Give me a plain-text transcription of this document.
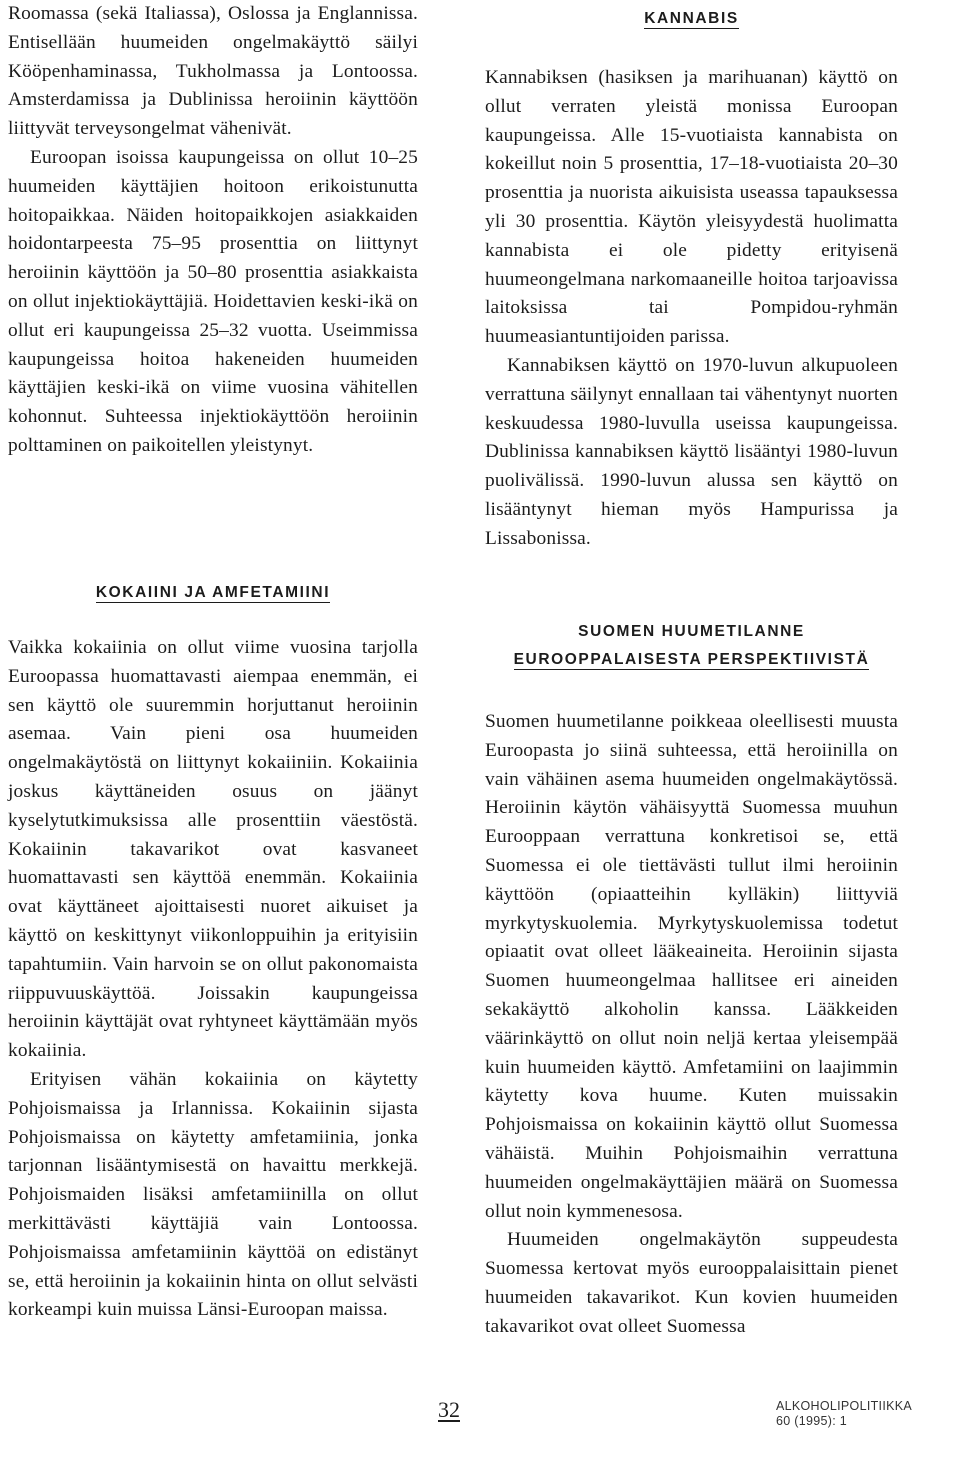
Roomassa (sekä Italiassa), Oslossa ja Englannissa. Entisellään huumeiden ongelmakäyttö säilyi Kööpenhaminassa, Tukholmassa ja Lontoossa. Amsterdamissa ja Dublinissa heroiinin käyttöön liittyvät terveysongelmat vähenivät.

Euroopan isoissa kaupungeissa on ollut 10–25 huumeiden käyttäjien hoitoon erikoistunutta hoitopaikkaa. Näiden hoitopaikkojen asiakkaiden hoidontarpeesta 75–95 prosenttia on liittynyt heroiinin käyttöön ja 50–80 prosenttia asiakkaista on ollut injektiokäyttäjiä. Hoidettavien keski-ikä on ollut eri kaupungeissa 25–32 vuotta. Useimmissa kaupungeissa hoitoa hakeneiden huumeiden käyttäjien keski-ikä on viime vuosina vähitellen kohonnut. Suhteessa injektiokäyttöön heroiinin polttaminen on paikoitellen yleistynyt.

KANNABIS

Kannabiksen (hasiksen ja marihuanan) käyttö on ollut verraten yleistä monissa Euroopan kaupungeissa. Alle 15-vuotiaista kannabista on kokeillut noin 5 prosenttia, 17–18-vuotiaista 20–30 prosenttia ja nuorista aikuisista useassa tapauksessa yli 30 prosenttia. Käytön yleisyydestä huolimatta kannabista ei ole pidetty erityisenä huumeongelmana narkomaaneille hoitoa tarjoavissa laitoksissa tai Pompidou-ryhmän huumeasiantuntijoiden parissa.

Kannabiksen käyttö on 1970-luvun alkupuoleen verrattuna säilynyt ennallaan tai vähentynyt nuorten keskuudessa 1980-luvulla useissa kaupungeissa. Dublinissa kannabiksen käyttö lisääntyi 1980-luvun puolivälissä. 1990-luvun alussa sen käyttö on lisääntynyt hieman myös Hampurissa ja Lissabonissa.

KOKAIINI JA AMFETAMIINI

Vaikka kokaiinia on ollut viime vuosina tarjolla Euroopassa huomattavasti aiempaa enemmän, ei sen käyttö ole suuremmin horjuttanut heroiinin asemaa. Vain pieni osa huumeiden ongelmakäytöstä on liittynyt kokaiiniin. Kokaiinia joskus käyttäneiden osuus on jäänyt kyselytutkimuksissa alle prosenttiin väestöstä. Kokaiinin takavarikot ovat kasvaneet huomattavasti sen käyttöä enemmän. Kokaiinia ovat käyttäneet ajoittaisesti nuoret aikuiset ja käyttö on keskittynyt viikonloppuihin ja erityisiin tapahtumiin. Vain harvoin se on ollut pakonomaista riippuvuuskäyttöä. Joissakin kaupungeissa heroiinin käyttäjät ovat ryhtyneet käyttämään myös kokaiinia.

Erityisen vähän kokaiinia on käytetty Pohjoismaissa ja Irlannissa. Kokaiinin sijasta Pohjoismaissa on käytetty amfetamiinia, jonka tarjonnan lisääntymisestä on havaittu merkkejä. Pohjoismaiden lisäksi amfetamiinilla on ollut merkittävästi käyttäjiä vain Lontoossa. Pohjoismaissa amfetamiinin käyttöä on edistänyt se, että heroiinin ja kokaiinin hinta on ollut selvästi korkeampi kuin muissa Länsi-Euroopan maissa.

SUOMEN HUUMETILANNE
EUROOPPALAISESTA PERSPEKTIIVISTÄ

Suomen huumetilanne poikkeaa oleellisesti muusta Euroopasta jo siinä suhteessa, että heroiinilla on vain vähäinen asema huumeiden ongelmakäytössä. Heroiinin käytön vähäisyyttä Suomessa muuhun Eurooppaan verrattuna konkretisoi se, että Suomessa ei ole tiettävästi tullut ilmi heroiinin käyttöön (opiaatteihin kylläkin) liittyviä myrkytyskuolemia. Myrkytyskuolemissa todetut opiaatit ovat olleet lääkeaineita. Heroiinin sijasta Suomen huumeongelmaa hallitsee eri aineiden sekakäyttö alkoholin kanssa. Lääkkeiden väärinkäyttö on ollut noin neljä kertaa yleisempää kuin huumeiden käyttö. Amfetamiini on laajimmin käytetty kova huume. Kuten muissakin Pohjoismaissa on kokaiinin käyttö ollut Suomessa vähäistä. Muihin Pohjoismaihin verrattuna huumeiden ongelmakäyttäjien määrä on Suomessa ollut noin kymmenesosa.

Huumeiden ongelmakäytön suppeudesta Suomessa kertovat myös eurooppalaisittain pienet huumeiden takavarikot. Kun kovien huumeiden takavarikot ovat olleet Suomessa

32	ALKOHOLIPOLITIIKKA
60 (1995): 1
